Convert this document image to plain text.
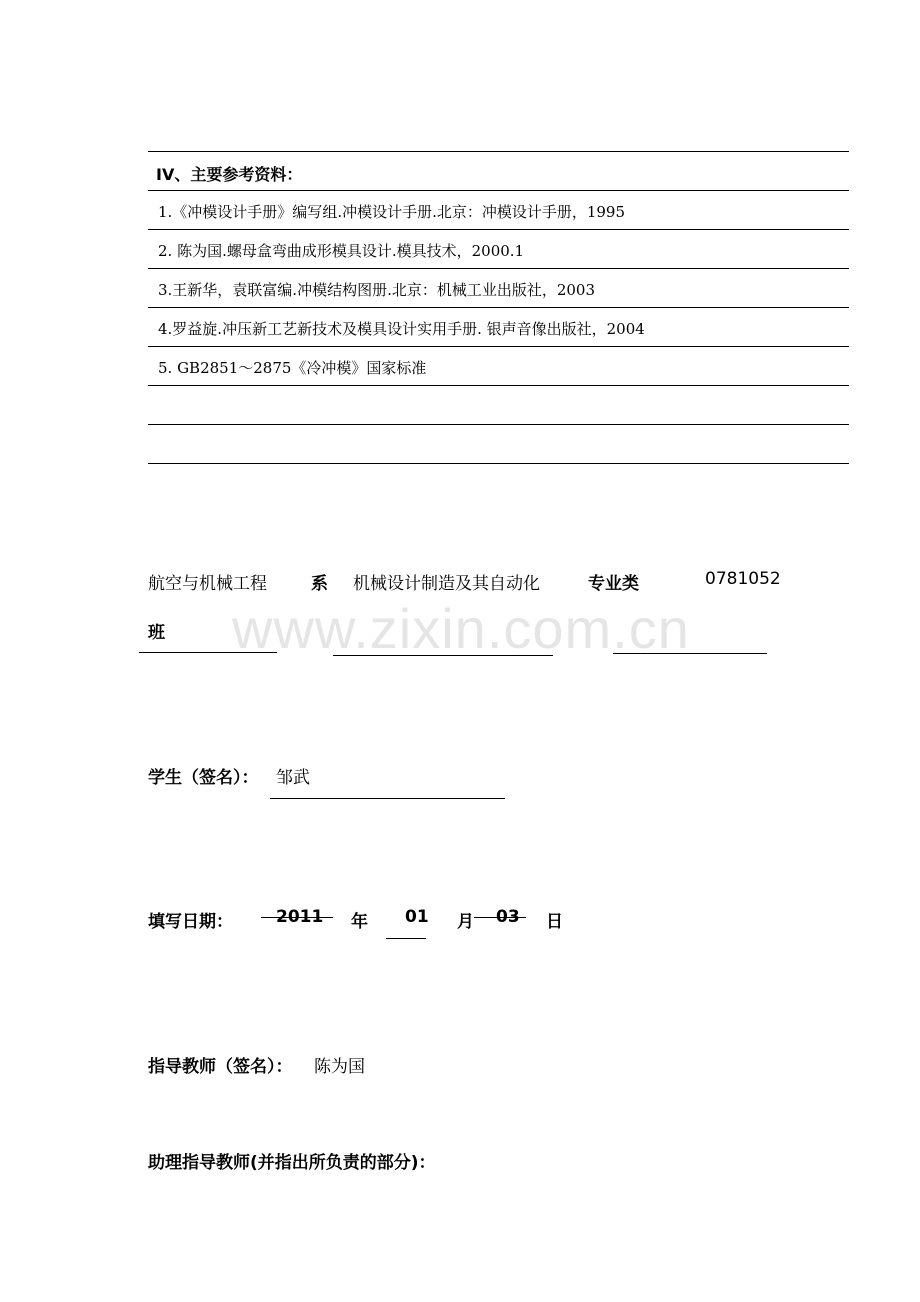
IV、主要参考资料：
1.《冲模设计手册》编写组.冲模设计手册.北京：冲模设计手册，1995
2. 陈为国.螺母盒弯曲成形模具设计.模具技术，2000.1
3.王新华，袁联富编.冲模结构图册.北京：机械工业出版社，2003
4.罗益旋.冲压新工艺新技术及模具设计实用手册. 银声音像出版社，2004
5. GB2851～2875《冷冲模》国家标准
航空与机械工程	系 机械设计制造及其自动化	专业类	0781052
班 www.zixin.com.cn
学生（签名）： 邹武
填写日期：	2011 年 01 月 03 日
指导教师（签名）： 陈为国
助理指导教师(并指出所负责的部分)：
